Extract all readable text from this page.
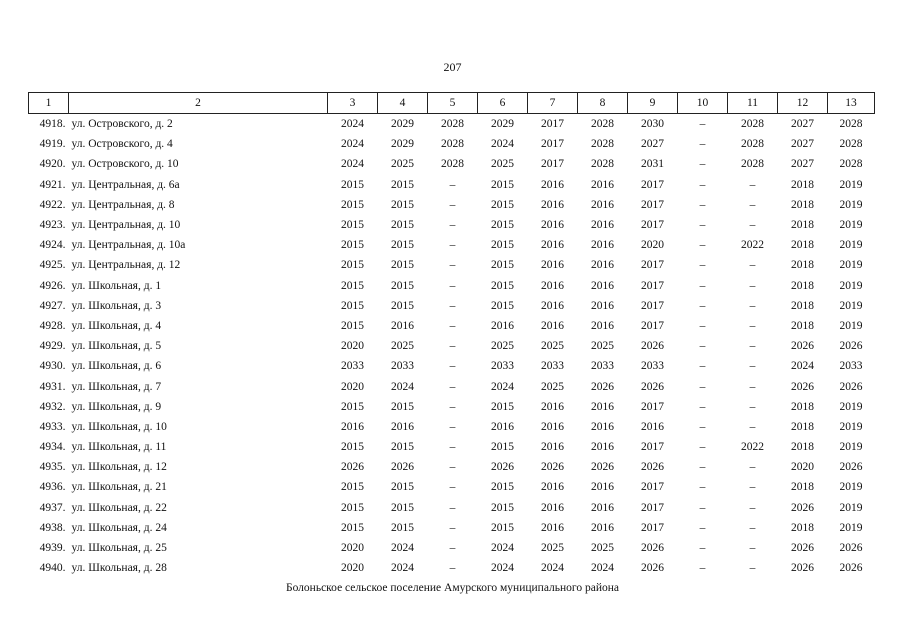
207
1	2	3	4	5	6	7	8	9	10	11	12	13
4918.	ул. Островского, д. 2	2024	2029	2028	2029	2017	2028	2030	–	2028	2027	2028
4919.	ул. Островского, д. 4	2024	2029	2028	2024	2017	2028	2027	–	2028	2027	2028
4920.	ул. Островского, д. 10	2024	2025	2028	2025	2017	2028	2031	–	2028	2027	2028
4921.	ул. Центральная, д. 6а	2015	2015	–	2015	2016	2016	2017	–	–	2018	2019
4922.	ул. Центральная, д. 8	2015	2015	–	2015	2016	2016	2017	–	–	2018	2019
4923.	ул. Центральная, д. 10	2015	2015	–	2015	2016	2016	2017	–	–	2018	2019
4924.	ул. Центральная, д. 10а	2015	2015	–	2015	2016	2016	2020	–	2022	2018	2019
4925.	ул. Центральная, д. 12	2015	2015	–	2015	2016	2016	2017	–	–	2018	2019
4926.	ул. Школьная, д. 1	2015	2015	–	2015	2016	2016	2017	–	–	2018	2019
4927.	ул. Школьная, д. 3	2015	2015	–	2015	2016	2016	2017	–	–	2018	2019
4928.	ул. Школьная, д. 4	2015	2016	–	2016	2016	2016	2017	–	–	2018	2019
4929.	ул. Школьная, д. 5	2020	2025	–	2025	2025	2025	2026	–	–	2026	2026
4930.	ул. Школьная, д. 6	2033	2033	–	2033	2033	2033	2033	–	–	2024	2033
4931.	ул. Школьная, д. 7	2020	2024	–	2024	2025	2026	2026	–	–	2026	2026
4932.	ул. Школьная, д. 9	2015	2015	–	2015	2016	2016	2017	–	–	2018	2019
4933.	ул. Школьная, д. 10	2016	2016	–	2016	2016	2016	2016	–	–	2018	2019
4934.	ул. Школьная, д. 11	2015	2015	–	2015	2016	2016	2017	–	2022	2018	2019
4935.	ул. Школьная, д. 12	2026	2026	–	2026	2026	2026	2026	–	–	2020	2026
4936.	ул. Школьная, д. 21	2015	2015	–	2015	2016	2016	2017	–	–	2018	2019
4937.	ул. Школьная, д. 22	2015	2015	–	2015	2016	2016	2017	–	–	2026	2019
4938.	ул. Школьная, д. 24	2015	2015	–	2015	2016	2016	2017	–	–	2018	2019
4939.	ул. Школьная, д. 25	2020	2024	–	2024	2025	2025	2026	–	–	2026	2026
4940.	ул. Школьная, д. 28	2020	2024	–	2024	2024	2024	2026	–	–	2026	2026
Болоньское сельское поселение Амурского муниципального района
